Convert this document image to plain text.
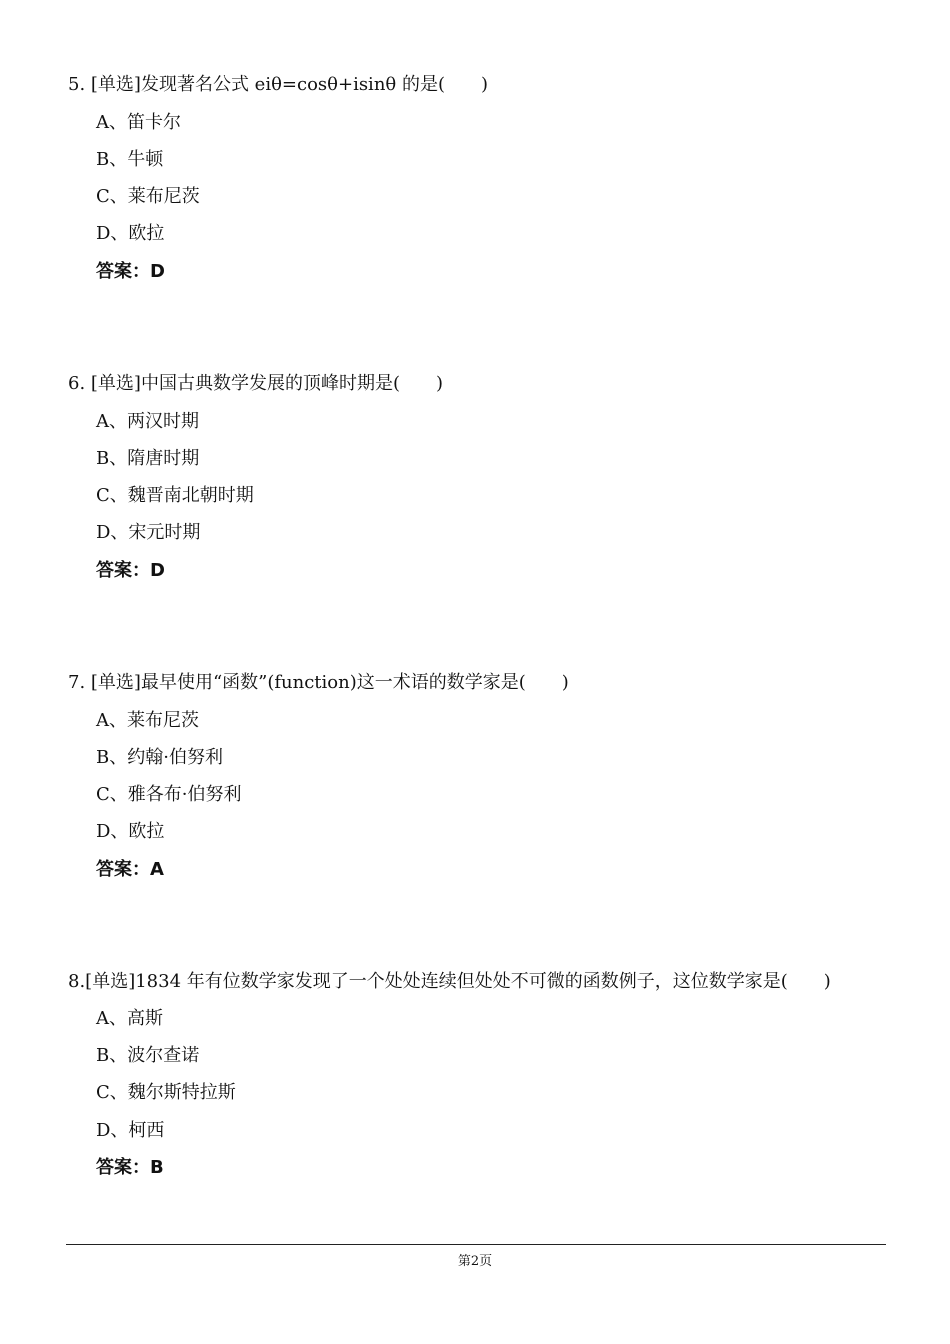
5. [单选]发现著名公式 eiθ=cosθ+isinθ 的是(　　)
A、笛卡尔
B、牛顿
C、莱布尼茨
D、欧拉
答案：D
6. [单选]中国古典数学发展的顶峰时期是(　　)
A、两汉时期
B、隋唐时期
C、魏晋南北朝时期
D、宋元时期
答案：D
7. [单选]最早使用“函数”(function)这一术语的数学家是(　　)
A、莱布尼茨
B、约翰·伯努利
C、雅各布·伯努利
D、欧拉
答案：A
8.[单选]1834 年有位数学家发现了一个处处连续但处处不可微的函数例子，这位数学家是(　　)
A、高斯
B、波尔查诺
C、魏尔斯特拉斯
D、柯西
答案：B
第2页
